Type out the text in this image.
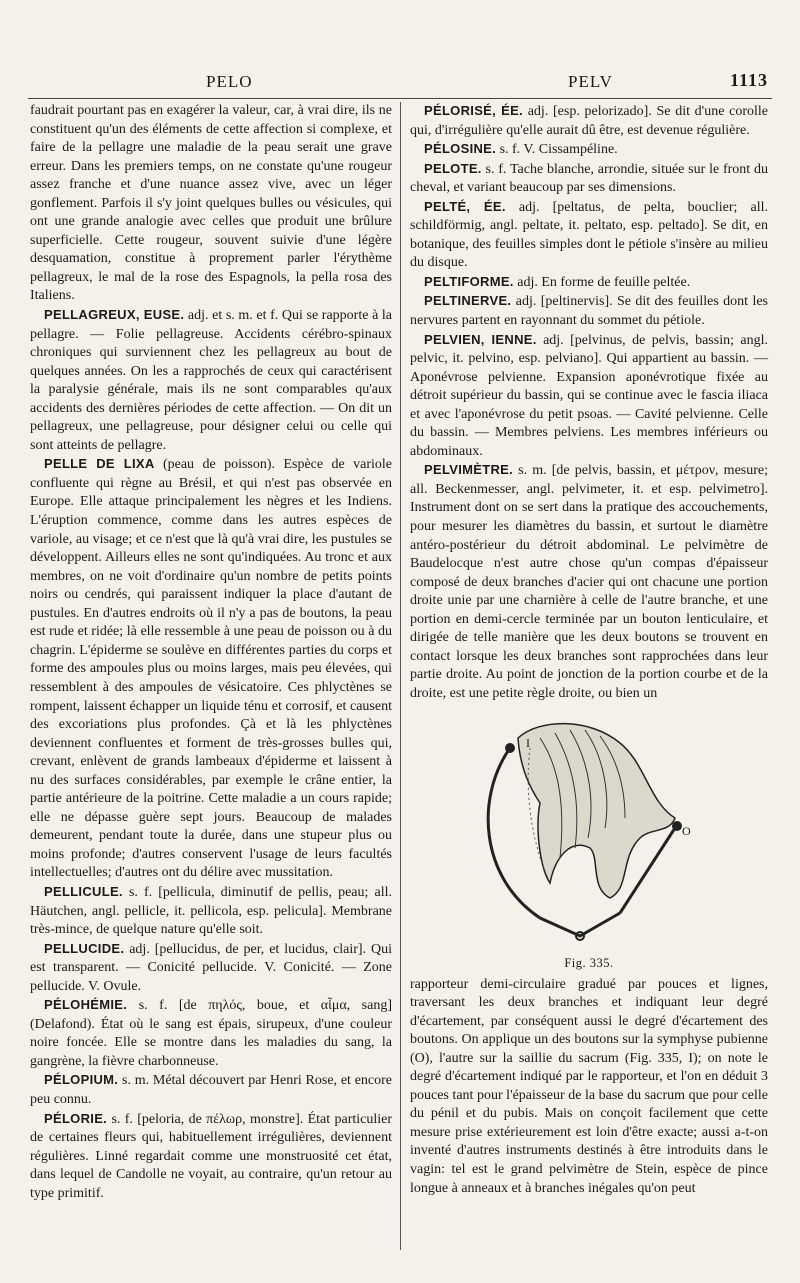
PELO	PELV	1113

faudrait pourtant pas en exagérer la valeur, car, à vrai dire, ils ne constituent qu'un des éléments de cette affection si complexe, et faire de la pellagre une maladie de la peau serait une grave erreur. Dans les premiers temps, on ne constate qu'une rougeur assez franche et d'une nuance assez vive, avec un léger gonflement. Parfois il s'y joint quelques bulles ou vésicules, qui ont une grande analogie avec celles que produit une brûlure superficielle. Cette rougeur, souvent suivie d'une légère desquamation, constitue à proprement parler l'érythème pellagreux, le mal de la rose des Espagnols, la pella rosa des Italiens.

PELLAGREUX, EUSE. adj. et s. m. et f. Qui se rapporte à la pellagre. — Folie pellagreuse. Accidents cérébro-spinaux chroniques qui surviennent chez les pellagreux au bout de quelques années. On les a rapprochés de ceux qui caractérisent la paralysie générale, mais ils ne sont comparables qu'aux accidents des dernières périodes de cette affection. — On dit un pellagreux, une pellagreuse, pour désigner celui ou celle qui sont atteints de pellagre.

PELLE DE LIXA (peau de poisson). Espèce de variole confluente qui règne au Brésil, et qui n'est pas observée en Europe. Elle attaque principalement les nègres et les Indiens. L'éruption commence, comme dans les autres espèces de variole, au visage; et ce n'est que là qu'à vrai dire, les pustules se développent. Ailleurs elles ne sont qu'indiquées. Au tronc et aux membres, on ne voit d'ordinaire qu'un nombre de petits points noirs ou cendrés, qui paraissent indiquer la place d'autant de pustules. En d'autres endroits où il n'y a pas de boutons, la peau est rude et ridée; là elle ressemble à une peau de poisson ou à du chagrin. L'épiderme se soulève en différentes parties du corps et forme des ampoules plus ou moins larges, mais peu élevées, qui ressemblent à des ampoules de vésicatoire. Ces phlyctènes se rompent, laissent échapper un liquide ténu et corrosif, et causent des excoriations plus profondes. Çà et là les phlyctènes deviennent confluentes et forment de très-grosses bulles qui, crevant, enlèvent de grands lambeaux d'épiderme et laissent à nu des surfaces considérables, par exemple le crâne entier, la partie antérieure de la poitrine. Cette maladie a un cours rapide; elle ne dépasse guère sept jours. Beaucoup de malades demeurent, pendant toute la durée, dans une stupeur plus ou moins profonde; d'autres conservent l'usage de leurs facultés intellectuelles; d'autres ont du délire avec mussitation.

PELLICULE. s. f. [pellicula, diminutif de pellis, peau; all. Häutchen, angl. pellicle, it. pellicola, esp. pelicula]. Membrane très-mince, de quelque nature qu'elle soit.

PELLUCIDE. adj. [pellucidus, de per, et lucidus, clair]. Qui est transparent. — Conicité pellucide. V. Conicité. — Zone pellucide. V. Ovule.

PÉLOHÉMIE. s. f. [de πηλός, boue, et αἷμα, sang] (Delafond). État où le sang est épais, sirupeux, d'une couleur noire foncée. Elle se montre dans les maladies du sang, la gangrène, la fièvre charbonneuse.

PÉLOPIUM. s. m. Métal découvert par Henri Rose, et encore peu connu.

PÉLORIE. s. f. [peloria, de πέλωρ, monstre]. État particulier de certaines fleurs qui, habituellement irrégulières, deviennent régulières. Linné regardait comme une monstruosité cet état, dans lequel de Candolle ne voyait, au contraire, qu'un retour au type primitif.

PÉLORISÉ, ÉE. adj. [esp. pelorizado]. Se dit d'une corolle qui, d'irrégulière qu'elle aurait dû être, est devenue régulière.

PÉLOSINE. s. f. V. Cissampéline.

PELOTE. s. f. Tache blanche, arrondie, située sur le front du cheval, et variant beaucoup par ses dimensions.

PELTÉ, ÉE. adj. [peltatus, de pelta, bouclier; all. schildförmig, angl. peltate, it. peltato, esp. peltado]. Se dit, en botanique, des feuilles simples dont le pétiole s'insère au milieu du disque.

PELTIFORME. adj. En forme de feuille peltée.

PELTINERVE. adj. [peltinervis]. Se dit des feuilles dont les nervures partent en rayonnant du sommet du pétiole.

PELVIEN, IENNE. adj. [pelvinus, de pelvis, bassin; angl. pelvic, it. pelvino, esp. pelviano]. Qui appartient au bassin. — Aponévrose pelvienne. Expansion aponévrotique fixée au détroit supérieur du bassin, qui se continue avec le fascia iliaca et avec l'aponévrose du petit psoas. — Cavité pelvienne. Celle du bassin. — Membres pelviens. Les membres inférieurs ou abdominaux.

PELVIMÈTRE. s. m. [de pelvis, bassin, et μέτρον, mesure; all. Beckenmesser, angl. pelvimeter, it. et esp. pelvimetro]. Instrument dont on se sert dans la pratique des accouchements, pour mesurer les diamètres du bassin, et surtout le diamètre antéro-postérieur du détroit abdominal. Le pelvimètre de Baudelocque n'est autre chose qu'un compas d'épaisseur composé de deux branches d'acier qui ont chacune une portion droite unie par une charnière à celle de l'autre branche, et une portion en demi-cercle terminée par un bouton lenticulaire, et dirigée de telle manière que les deux boutons se trouvent en contact lorsque les deux branches sont rapprochées dans leur partie droite. Au point de jonction de la portion courbe et de la droite, est une petite règle droite, ou bien un

I
O
Fig. 335.

rapporteur demi-circulaire gradué par pouces et lignes, traversant les deux branches et indiquant leur degré d'écartement, par conséquent aussi le degré d'écartement des boutons. On applique un des boutons sur la symphyse pubienne (O), l'autre sur la saillie du sacrum (Fig. 335, I); on note le degré d'écartement indiqué par le rapporteur, et l'on en déduit 3 pouces tant pour l'épaisseur de la base du sacrum que pour celle du pénil et du pubis. Mais on conçoit facilement que cette mesure prise extérieurement est loin d'être exacte; aussi a-t-on inventé d'autres instruments destinés à être introduits dans le vagin: tel est le grand pelvimètre de Stein, espèce de pince longue à anneaux et à branches inégales qu'on peut
